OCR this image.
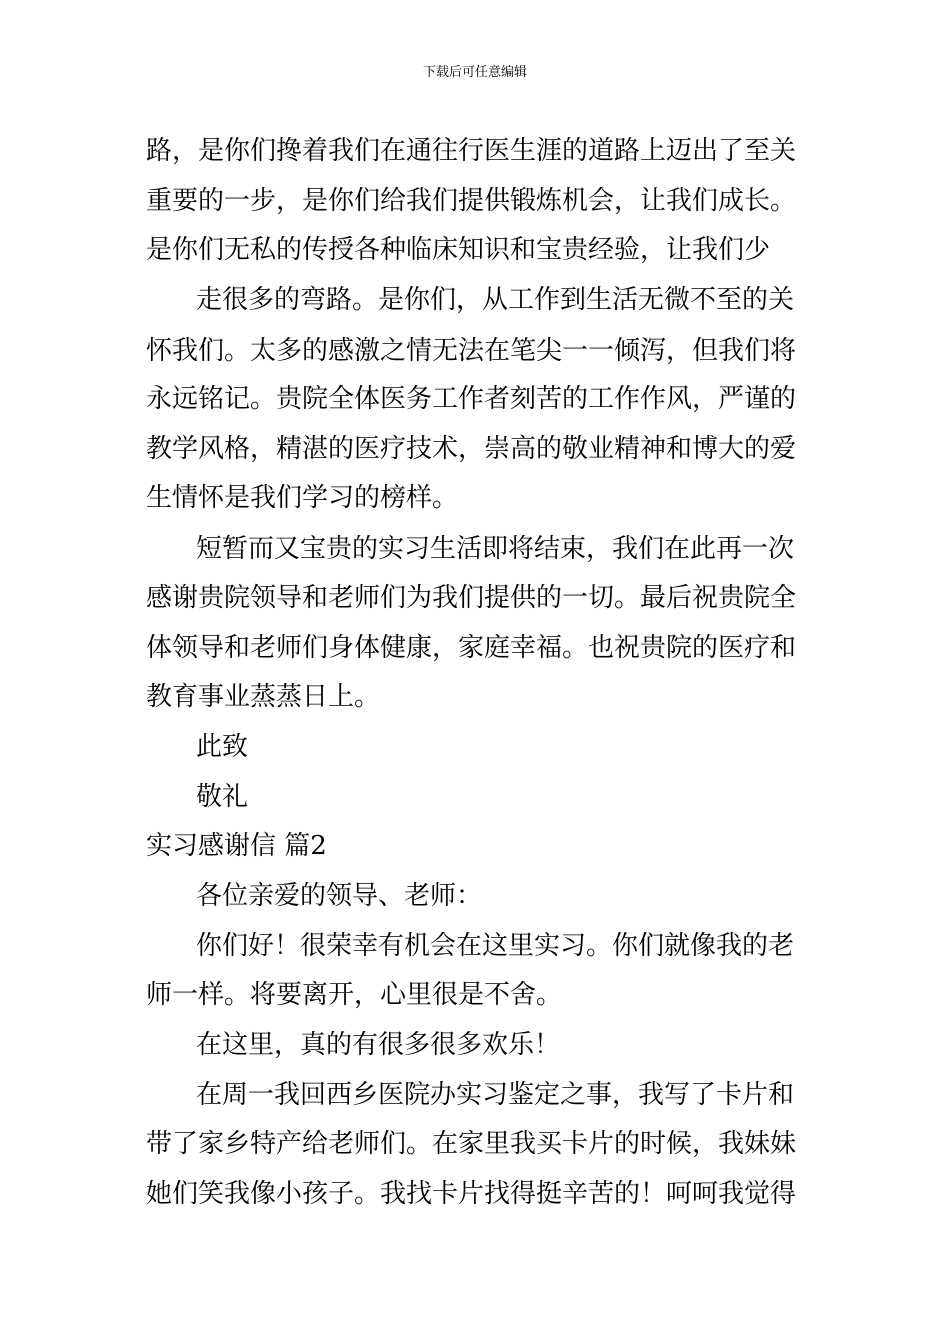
下载后可任意编辑
路，是你们搀着我们在通往行医生涯的道路上迈出了至关
重要的一步，是你们给我们提供锻炼机会，让我们成长。
是你们无私的传授各种临床知识和宝贵经验，让我们少
走很多的弯路。是你们，从工作到生活无微不至的关
怀我们。太多的感激之情无法在笔尖一一倾泻，但我们将
永远铭记。贵院全体医务工作者刻苦的工作作风，严谨的
教学风格，精湛的医疗技术，崇高的敬业精神和博大的爱
生情怀是我们学习的榜样。
短暂而又宝贵的实习生活即将结束，我们在此再一次
感谢贵院领导和老师们为我们提供的一切。最后祝贵院全
体领导和老师们身体健康，家庭幸福。也祝贵院的医疗和
教育事业蒸蒸日上。
此致
敬礼
实习感谢信 篇2
各位亲爱的领导、老师：
你们好！很荣幸有机会在这里实习。你们就像我的老
师一样。将要离开，心里很是不舍。
在这里，真的有很多很多欢乐！
在周一我回西乡医院办实习鉴定之事，我写了卡片和
带了家乡特产给老师们。在家里我买卡片的时候，我妹妹
她们笑我像小孩子。我找卡片找得挺辛苦的！呵呵我觉得
